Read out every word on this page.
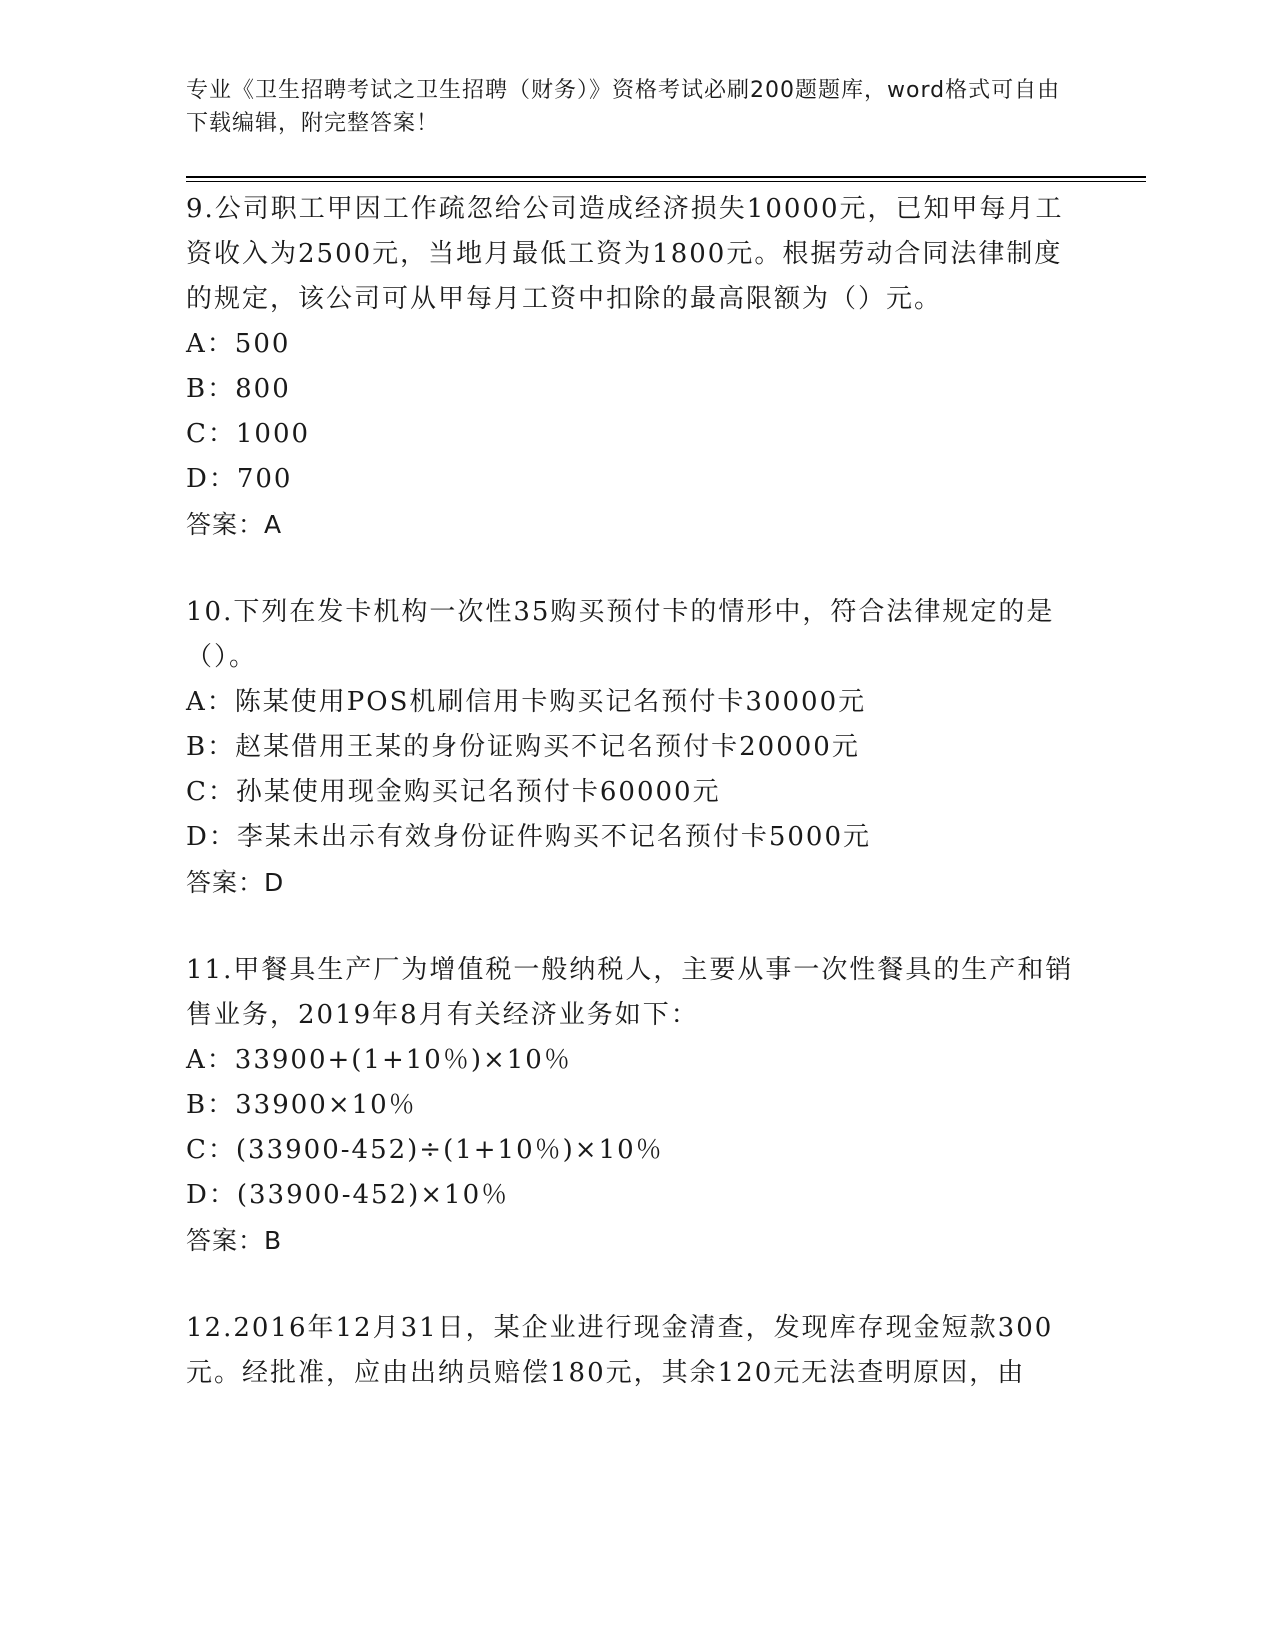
专业《卫生招聘考试之卫生招聘（财务）》资格考试必刷200题题库，word格式可自由下载编辑，附完整答案！

9.公司职工甲因工作疏忽给公司造成经济损失10000元，已知甲每月工资收入为2500元，当地月最低工资为1800元。根据劳动合同法律制度的规定，该公司可从甲每月工资中扣除的最高限额为（）元。

A：500

B：800

C：1000

D：700

答案：A

10.下列在发卡机构一次性35购买预付卡的情形中，符合法律规定的是（）。

A：陈某使用POS机刷信用卡购买记名预付卡30000元

B：赵某借用王某的身份证购买不记名预付卡20000元

C：孙某使用现金购买记名预付卡60000元

D：李某未出示有效身份证件购买不记名预付卡5000元

答案：D

11.甲餐具生产厂为增值税一般纳税人，主要从事一次性餐具的生产和销售业务，2019年8月有关经济业务如下：

A：33900+(1+10％)×10％

B：33900×10％

C：(33900-452)÷(1+10％)×10％

D：(33900-452)×10％

答案：B

12.2016年12月31日，某企业进行现金清查，发现库存现金短款300元。经批准，应由出纳员赔偿180元，其余120元无法查明原因，由
